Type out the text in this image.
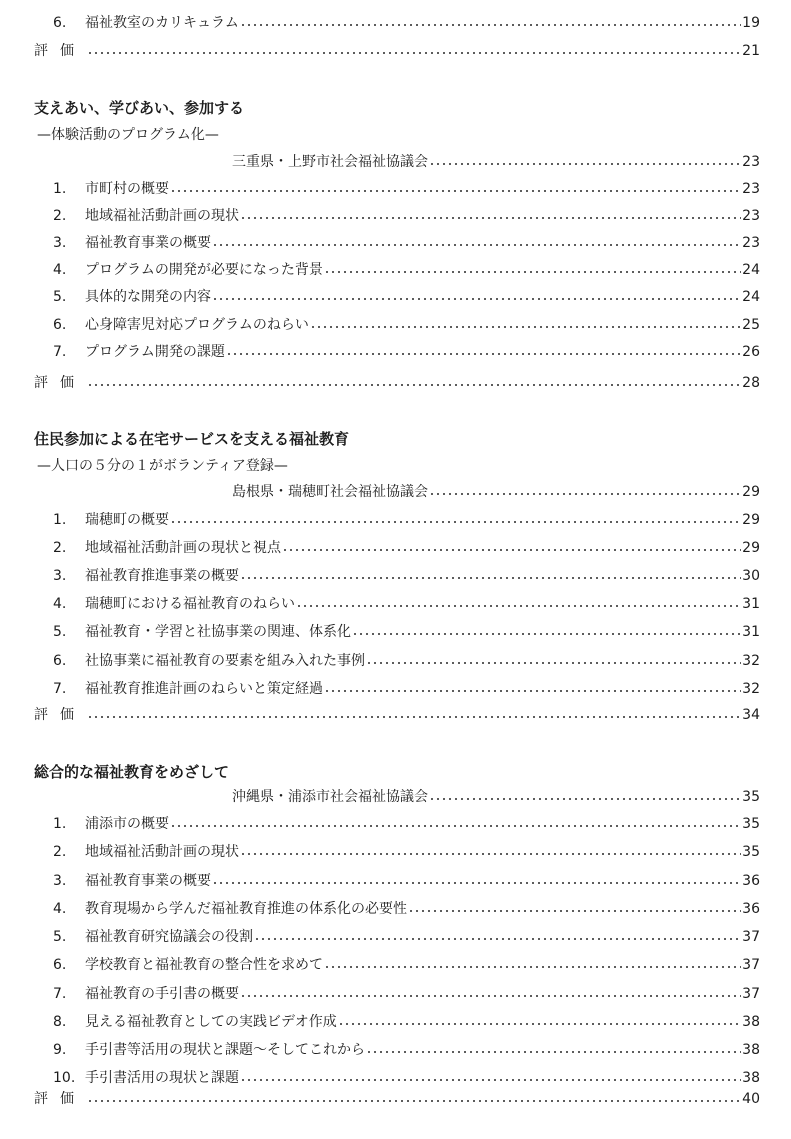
6.	福祉教室のカリキュラム	19
評価	21
支えあい、学びあい、参加する
—体験活動のプログラム化—
三重県・上野市社会福祉協議会	23
1.	市町村の概要	23
2.	地域福祉活動計画の現状	23
3.	福祉教育事業の概要	23
4.	プログラムの開発が必要になった背景	24
5.	具体的な開発の内容	24
6.	心身障害児対応プログラムのねらい	25
7.	プログラム開発の課題	26
評価	28
住民参加による在宅サービスを支える福祉教育
—人口の５分の１がボランティア登録—
島根県・瑞穂町社会福祉協議会	29
1.	瑞穂町の概要	29
2.	地域福祉活動計画の現状と視点	29
3.	福祉教育推進事業の概要	30
4.	瑞穂町における福祉教育のねらい	31
5.	福祉教育・学習と社協事業の関連、体系化	31
6.	社協事業に福祉教育の要素を組み入れた事例	32
7.	福祉教育推進計画のねらいと策定経過	32
評価	34
総合的な福祉教育をめざして
沖縄県・浦添市社会福祉協議会	35
1.	浦添市の概要	35
2.	地域福祉活動計画の現状	35
3.	福祉教育事業の概要	36
4.	教育現場から学んだ福祉教育推進の体系化の必要性	36
5.	福祉教育研究協議会の役割	37
6.	学校教育と福祉教育の整合性を求めて	37
7.	福祉教育の手引書の概要	37
8.	見える福祉教育としての実践ビデオ作成	38
9.	手引書等活用の現状と課題～そしてこれから	38
10. 手引書活用の現状と課題	38
評価	40
